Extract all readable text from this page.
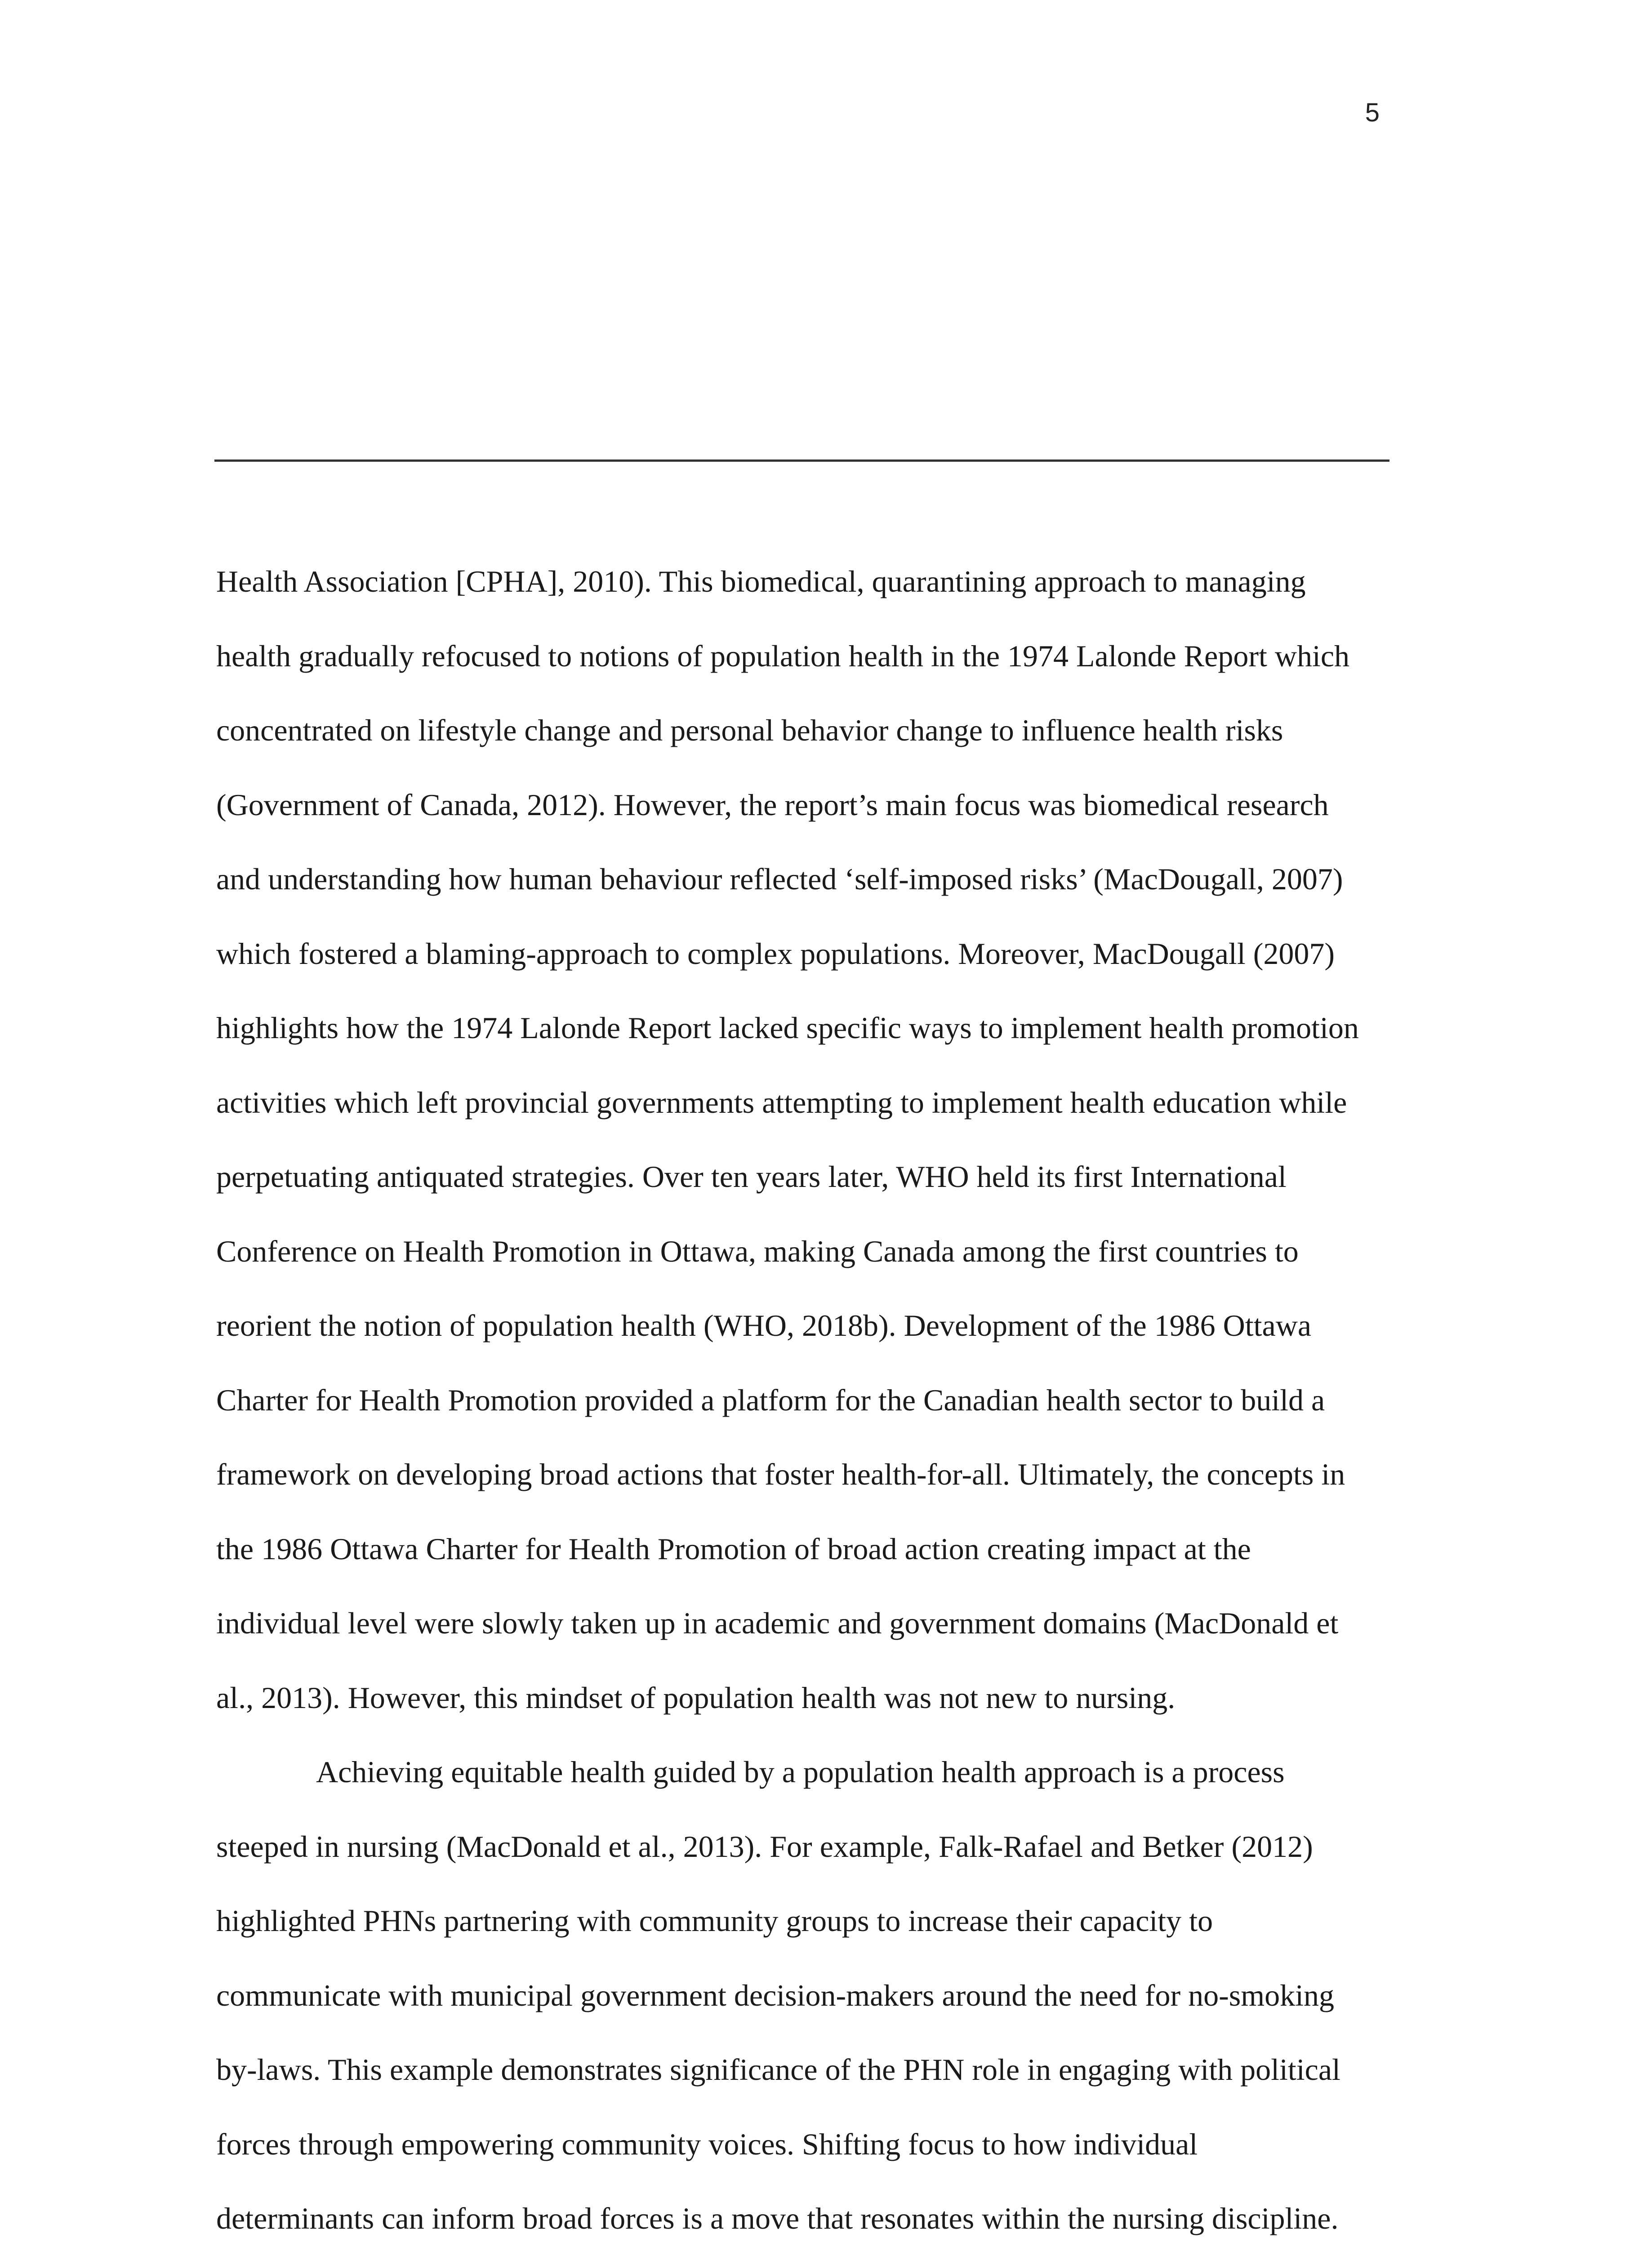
5
Health Association [CPHA], 2010). This biomedical, quarantining approach to managing
health gradually refocused to notions of population health in the 1974 Lalonde Report which
concentrated on lifestyle change and personal behavior change to influence health risks
(Government of Canada, 2012). However, the report’s main focus was biomedical research
and understanding how human behaviour reflected ‘self-imposed risks’ (MacDougall, 2007)
which fostered a blaming-approach to complex populations. Moreover, MacDougall (2007)
highlights how the 1974 Lalonde Report lacked specific ways to implement health promotion
activities which left provincial governments attempting to implement health education while
perpetuating antiquated strategies. Over ten years later, WHO held its first International
Conference on Health Promotion in Ottawa, making Canada among the first countries to
reorient the notion of population health (WHO, 2018b). Development of the 1986 Ottawa
Charter for Health Promotion provided a platform for the Canadian health sector to build a
framework on developing broad actions that foster health-for-all. Ultimately, the concepts in
the 1986 Ottawa Charter for Health Promotion of broad action creating impact at the
individual level were slowly taken up in academic and government domains (MacDonald et
al., 2013). However, this mindset of population health was not new to nursing.
Achieving equitable health guided by a population health approach is a process
steeped in nursing (MacDonald et al., 2013). For example, Falk-Rafael and Betker (2012)
highlighted PHNs partnering with community groups to increase their capacity to
communicate with municipal government decision-makers around the need for no-smoking
by-laws. This example demonstrates significance of the PHN role in engaging with political
forces through empowering community voices. Shifting focus to how individual
determinants can inform broad forces is a move that resonates within the nursing discipline.
